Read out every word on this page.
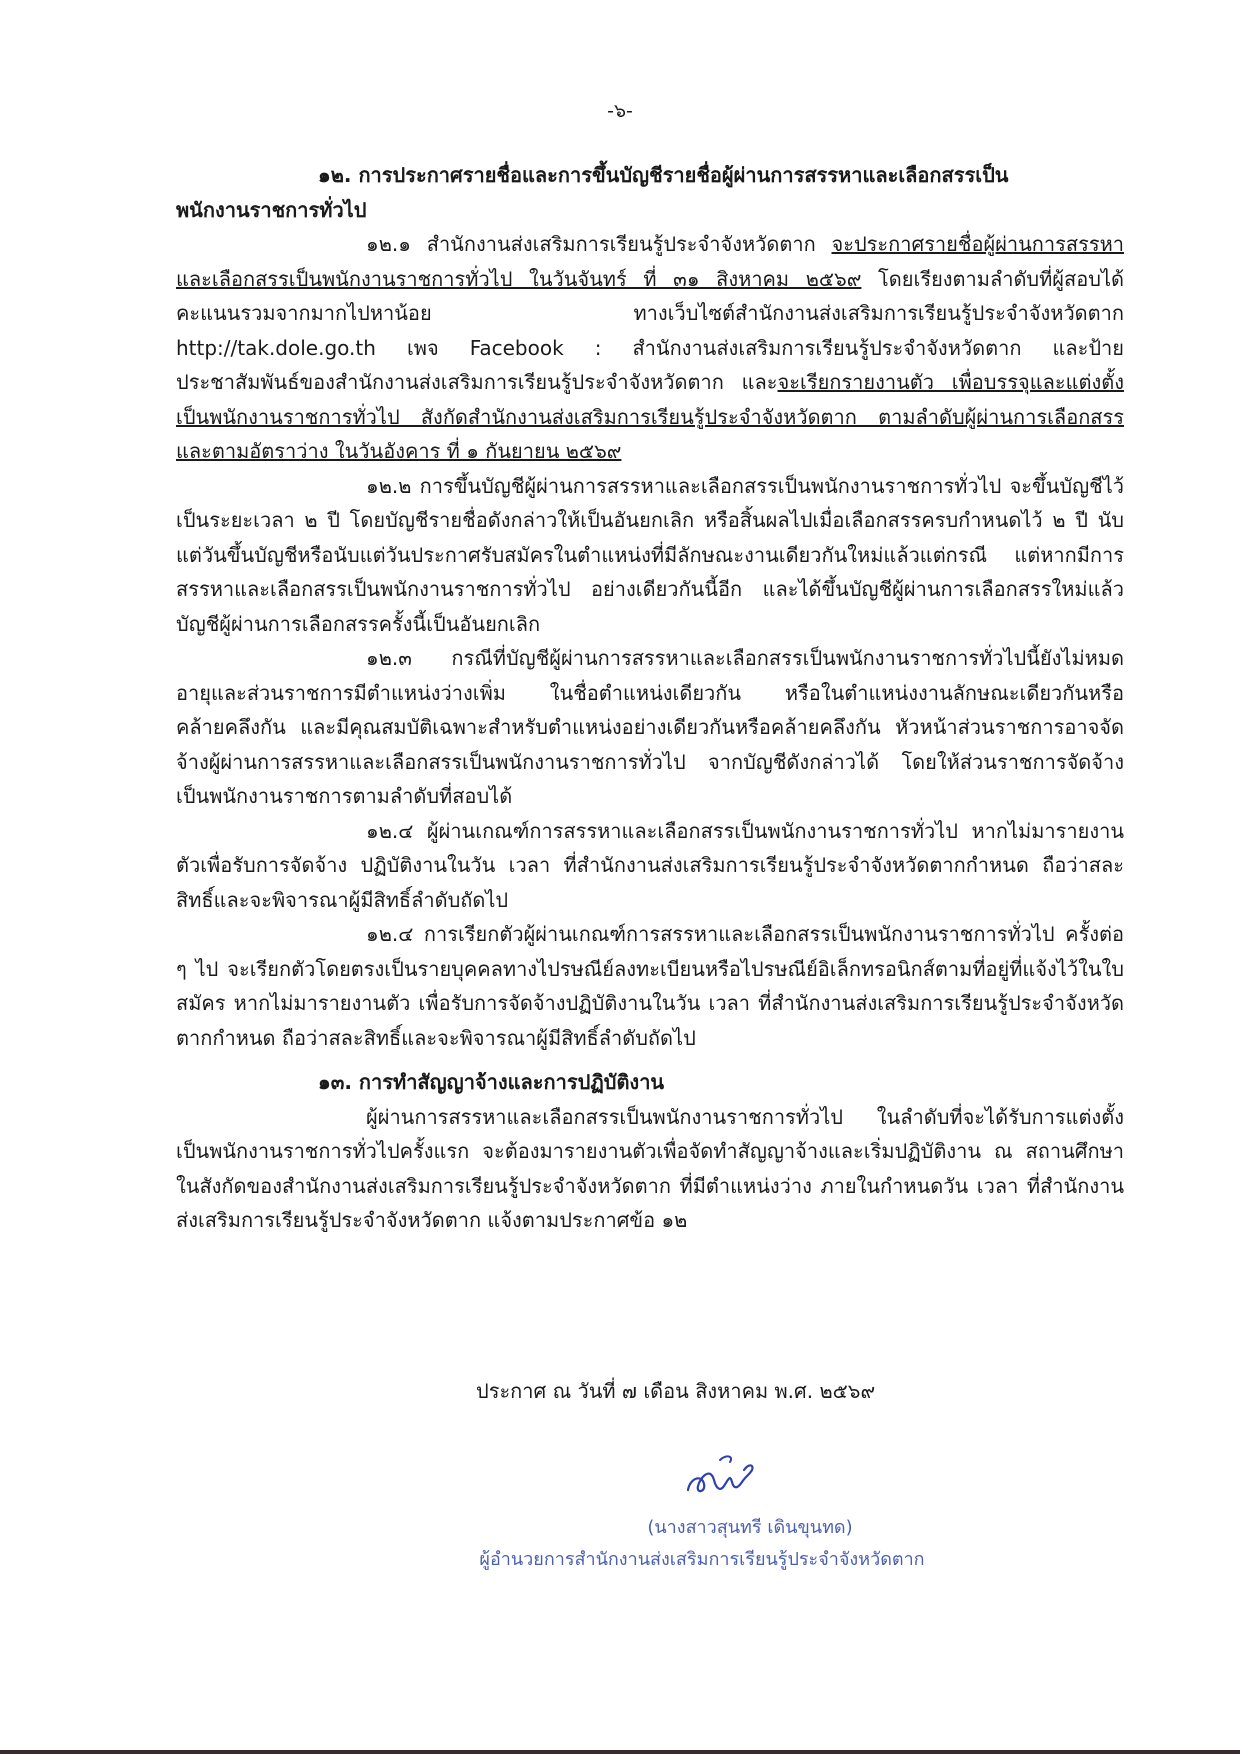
-๖-

๑๒. การประกาศรายชื่อและการขึ้นบัญชีรายชื่อผู้ผ่านการสรรหาและเลือกสรรเป็น

พนักงานราชการทั่วไป

๑๒.๑ สำนักงานส่งเสริมการเรียนรู้ประจำจังหวัดตาก จะประกาศรายชื่อผู้ผ่านการสรรหาและเลือกสรรเป็นพนักงานราชการทั่วไป ในวันจันทร์ ที่ ๓๑ สิงหาคม ๒๕๖๙ โดยเรียงตามลำดับที่ผู้สอบได้คะแนนรวมจากมากไปหาน้อย ทางเว็บไซต์สำนักงานส่งเสริมการเรียนรู้ประจำจังหวัดตาก http://tak.dole.go.th เพจ Facebook : สำนักงานส่งเสริมการเรียนรู้ประจำจังหวัดตาก และป้ายประชาสัมพันธ์ของสำนักงานส่งเสริมการเรียนรู้ประจำจังหวัดตาก และจะเรียกรายงานตัว เพื่อบรรจุและแต่งตั้งเป็นพนักงานราชการทั่วไป สังกัดสำนักงานส่งเสริมการเรียนรู้ประจำจังหวัดตาก ตามลำดับผู้ผ่านการเลือกสรรและตามอัตราว่าง ในวันอังคาร ที่ ๑ กันยายน ๒๕๖๙

๑๒.๒ การขึ้นบัญชีผู้ผ่านการสรรหาและเลือกสรรเป็นพนักงานราชการทั่วไป จะขึ้นบัญชีไว้เป็นระยะเวลา ๒ ปี โดยบัญชีรายชื่อดังกล่าวให้เป็นอันยกเลิก หรือสิ้นผลไปเมื่อเลือกสรรครบกำหนดไว้ ๒ ปี นับแต่วันขึ้นบัญชีหรือนับแต่วันประกาศรับสมัครในตำแหน่งที่มีลักษณะงานเดียวกันใหม่แล้วแต่กรณี แต่หากมีการสรรหาและเลือกสรรเป็นพนักงานราชการทั่วไป อย่างเดียวกันนี้อีก และได้ขึ้นบัญชีผู้ผ่านการเลือกสรรใหม่แล้ว บัญชีผู้ผ่านการเลือกสรรครั้งนี้เป็นอันยกเลิก

๑๒.๓ กรณีที่บัญชีผู้ผ่านการสรรหาและเลือกสรรเป็นพนักงานราชการทั่วไปนี้ยังไม่หมดอายุและส่วนราชการมีตำแหน่งว่างเพิ่ม ในชื่อตำแหน่งเดียวกัน หรือในตำแหน่งงานลักษณะเดียวกันหรือคล้ายคลึงกัน และมีคุณสมบัติเฉพาะสำหรับตำแหน่งอย่างเดียวกันหรือคล้ายคลึงกัน หัวหน้าส่วนราชการอาจจัดจ้างผู้ผ่านการสรรหาและเลือกสรรเป็นพนักงานราชการทั่วไป จากบัญชีดังกล่าวได้ โดยให้ส่วนราชการจัดจ้างเป็นพนักงานราชการตามลำดับที่สอบได้

๑๒.๔ ผู้ผ่านเกณฑ์การสรรหาและเลือกสรรเป็นพนักงานราชการทั่วไป หากไม่มารายงานตัวเพื่อรับการจัดจ้าง ปฏิบัติงานในวัน เวลา ที่สำนักงานส่งเสริมการเรียนรู้ประจำจังหวัดตากกำหนด ถือว่าสละสิทธิ์และจะพิจารณาผู้มีสิทธิ์ลำดับถัดไป

๑๒.๔ การเรียกตัวผู้ผ่านเกณฑ์การสรรหาและเลือกสรรเป็นพนักงานราชการทั่วไป ครั้งต่อ ๆ ไป จะเรียกตัวโดยตรงเป็นรายบุคคลทางไปรษณีย์ลงทะเบียนหรือไปรษณีย์อิเล็กทรอนิกส์ตามที่อยู่ที่แจ้งไว้ในใบสมัคร หากไม่มารายงานตัว เพื่อรับการจัดจ้างปฏิบัติงานในวัน เวลา ที่สำนักงานส่งเสริมการเรียนรู้ประจำจังหวัดตากกำหนด ถือว่าสละสิทธิ์และจะพิจารณาผู้มีสิทธิ์ลำดับถัดไป

๑๓. การทำสัญญาจ้างและการปฏิบัติงาน

ผู้ผ่านการสรรหาและเลือกสรรเป็นพนักงานราชการทั่วไป ในลำดับที่จะได้รับการแต่งตั้งเป็นพนักงานราชการทั่วไปครั้งแรก จะต้องมารายงานตัวเพื่อจัดทำสัญญาจ้างและเริ่มปฏิบัติงาน ณ สถานศึกษาในสังกัดของสำนักงานส่งเสริมการเรียนรู้ประจำจังหวัดตาก ที่มีตำแหน่งว่าง ภายในกำหนดวัน เวลา ที่สำนักงานส่งเสริมการเรียนรู้ประจำจังหวัดตาก แจ้งตามประกาศข้อ ๑๒

ประกาศ ณ วันที่ ๗ เดือน สิงหาคม พ.ศ. ๒๕๖๙
(นางสาวสุนทรี เดินขุนทด)
ผู้อำนวยการสำนักงานส่งเสริมการเรียนรู้ประจำจังหวัดตาก
